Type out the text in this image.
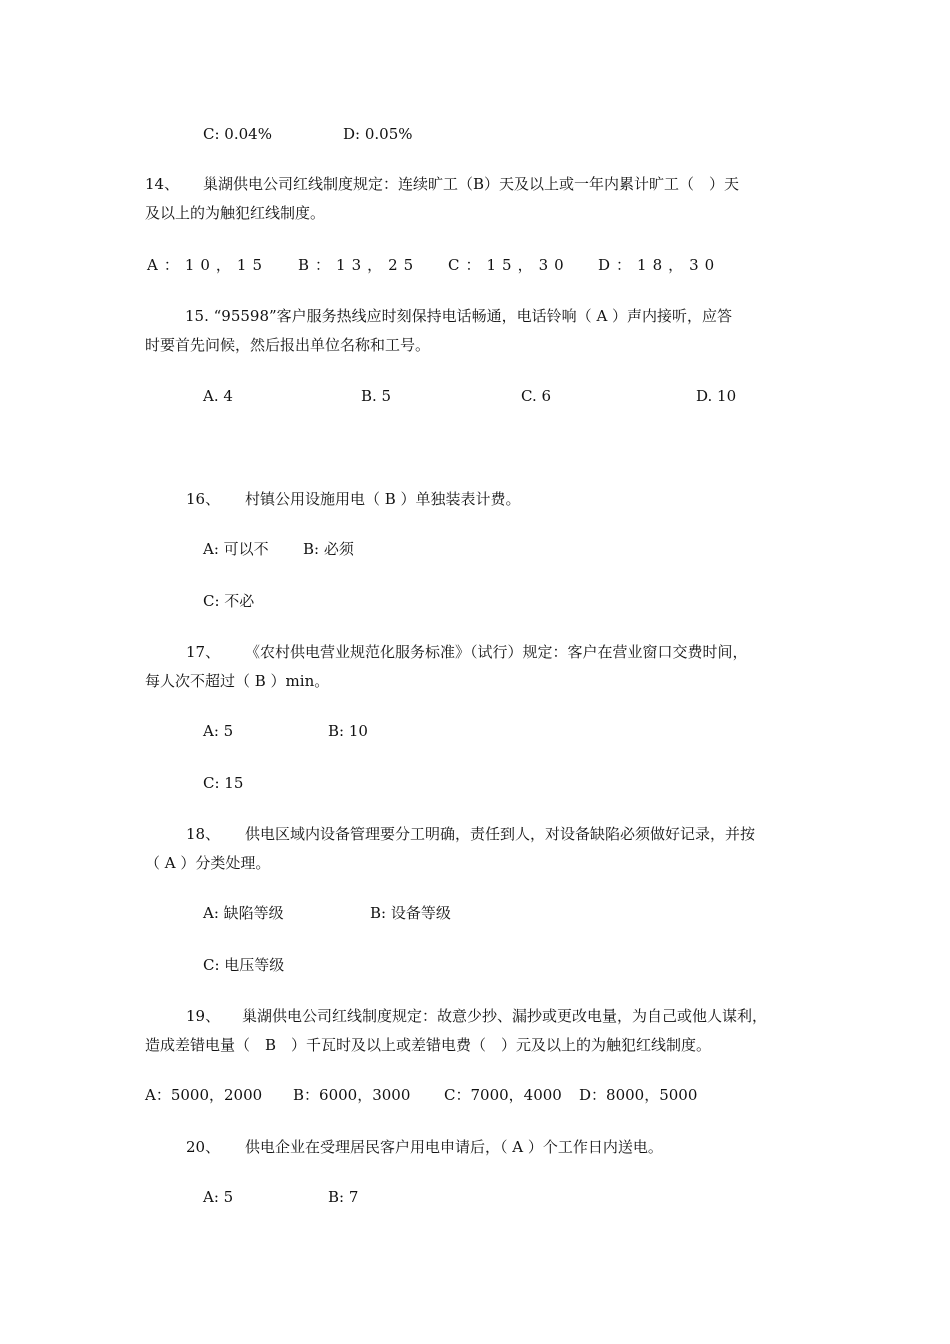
C: 0.04%	D: 0.05%
14、 巢湖供电公司红线制度规定：连续旷工（B）天及以上或一年内累计旷工（　）天
及以上的为触犯红线制度。
A：10，15 B：13，25 C：15，30 D：18，30
15. “95598”客户服务热线应时刻保持电话畅通，电话铃响（ A ）声内接听，应答
时要首先问候，然后报出单位名称和工号。
A. 4	B. 5	C. 6	D. 10
16、 村镇公用设施用电（ B ）单独装表计费。
A: 可以不 B: 必须
C: 不必
17、 《农村供电营业规范化服务标准》（试行）规定：客户在营业窗口交费时间，
每人次不超过（ B ）min。
A: 5	B: 10
C: 15
18、 供电区域内设备管理要分工明确，责任到人，对设备缺陷必须做好记录，并按
（ A ）分类处理。
A: 缺陷等级	B: 设备等级
C: 电压等级
19、 巢湖供电公司红线制度规定：故意少抄、漏抄或更改电量，为自己或他人谋利，
造成差错电量（　B　）千瓦时及以上或差错电费（　）元及以上的为触犯红线制度。
A：5000，2000 B：6000，3000 C：7000，4000 D：8000，5000
20、 供电企业在受理居民客户用电申请后，（ A ）个工作日内送电。
A: 5	B: 7
